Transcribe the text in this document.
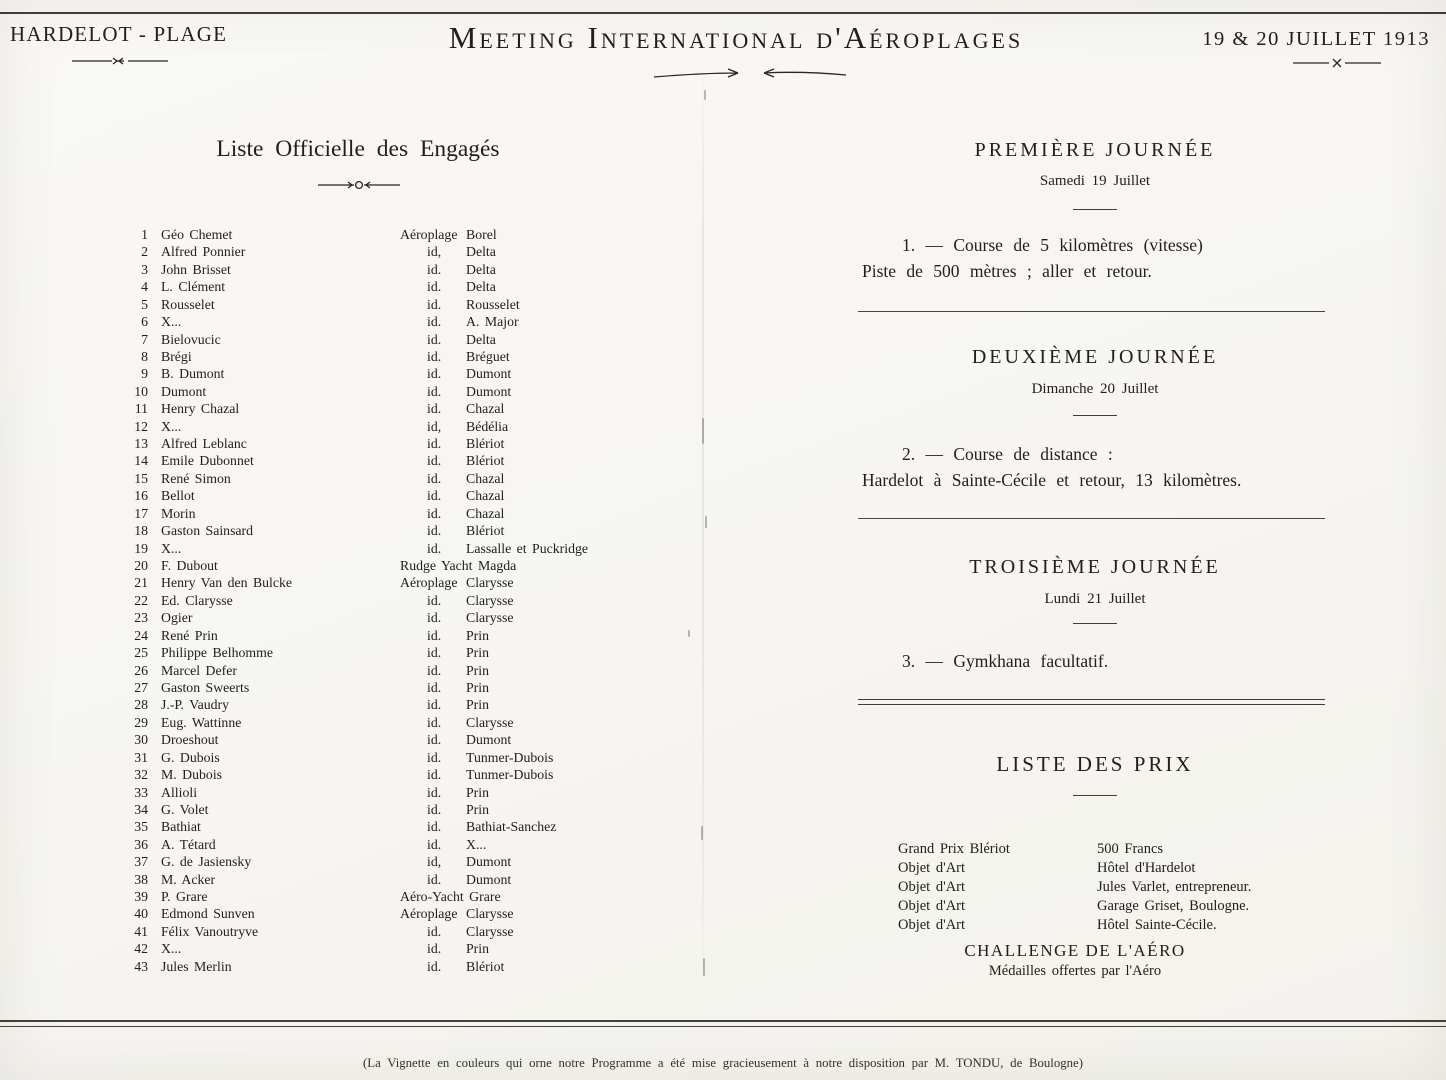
HARDELOT - PLAGE	Meeting International d'Aéroplages	19 & 20 JUILLET 1913
Liste Officielle des Engagés
1 Géo Chemet	Aéroplage Borel
2 Alfred Ponnier	id,	Delta
3 John Brisset	id.	Delta
4 L. Clément	id.	Delta
5 Rousselet	id.	Rousselet
6 X...	id.	A. Major
7 Bielovucic	id.	Delta
8 Brégi	id.	Bréguet
9 B. Dumont	id.	Dumont
10 Dumont	id.	Dumont
11 Henry Chazal	id.	Chazal
12 X...	id,	Bédélia
13 Alfred Leblanc	id.	Blériot
14 Emile Dubonnet	id.	Blériot
15 René Simon	id.	Chazal
16 Bellot	id.	Chazal
17 Morin	id.	Chazal
18 Gaston Sainsard	id.	Blériot
19 X...	id.	Lassalle et Puckridge
20 F. Dubout	Rudge Yacht Magda
21 Henry Van den Bulcke	Aéroplage Clarysse
22 Ed. Clarysse	id.	Clarysse
23 Ogier	id.	Clarysse
24 René Prin	id.	Prin
25 Philippe Belhomme	id.	Prin
26 Marcel Defer	id.	Prin
27 Gaston Sweerts	id.	Prin
28 J.-P. Vaudry	id.	Prin
29 Eug. Wattinne	id.	Clarysse
30 Droeshout	id.	Dumont
31 G. Dubois	id.	Tunmer-Dubois
32 M. Dubois	id.	Tunmer-Dubois
33 Allioli	id.	Prin
34 G. Volet	id.	Prin
35 Bathiat	id.	Bathiat-Sanchez
36 A. Tétard	id.	X...
37 G. de Jasiensky	id,	Dumont
38 M. Acker	id.	Dumont
39 P. Grare	Aéro-Yacht Grare
40 Edmond Sunven	Aéroplage Clarysse
41 Félix Vanoutryve	id.	Clarysse
42 X...	id.	Prin
43 Jules Merlin	id.	Blériot
PREMIÈRE JOURNÉE
Samedi 19 Juillet
1. — Course de 5 kilomètres (vitesse)
Piste de 500 mètres ; aller et retour.
DEUXIÈME JOURNÉE
Dimanche 20 Juillet
2. — Course de distance :
Hardelot à Sainte-Cécile et retour, 13 kilomètres.
TROISIÈME JOURNÉE
Lundi 21 Juillet
3. — Gymkhana facultatif.
LISTE DES PRIX
Grand Prix Blériot	500 Francs
Objet d'Art	Hôtel d'Hardelot
Objet d'Art	Jules Varlet, entrepreneur.
Objet d'Art	Garage Griset, Boulogne.
Objet d'Art	Hôtel Sainte-Cécile.
CHALLENGE DE L'AÉRO
Médailles offertes par l'Aéro
(La Vignette en couleurs qui orne notre Programme a été mise gracieusement à notre disposition par M. TONDU, de Boulogne)
